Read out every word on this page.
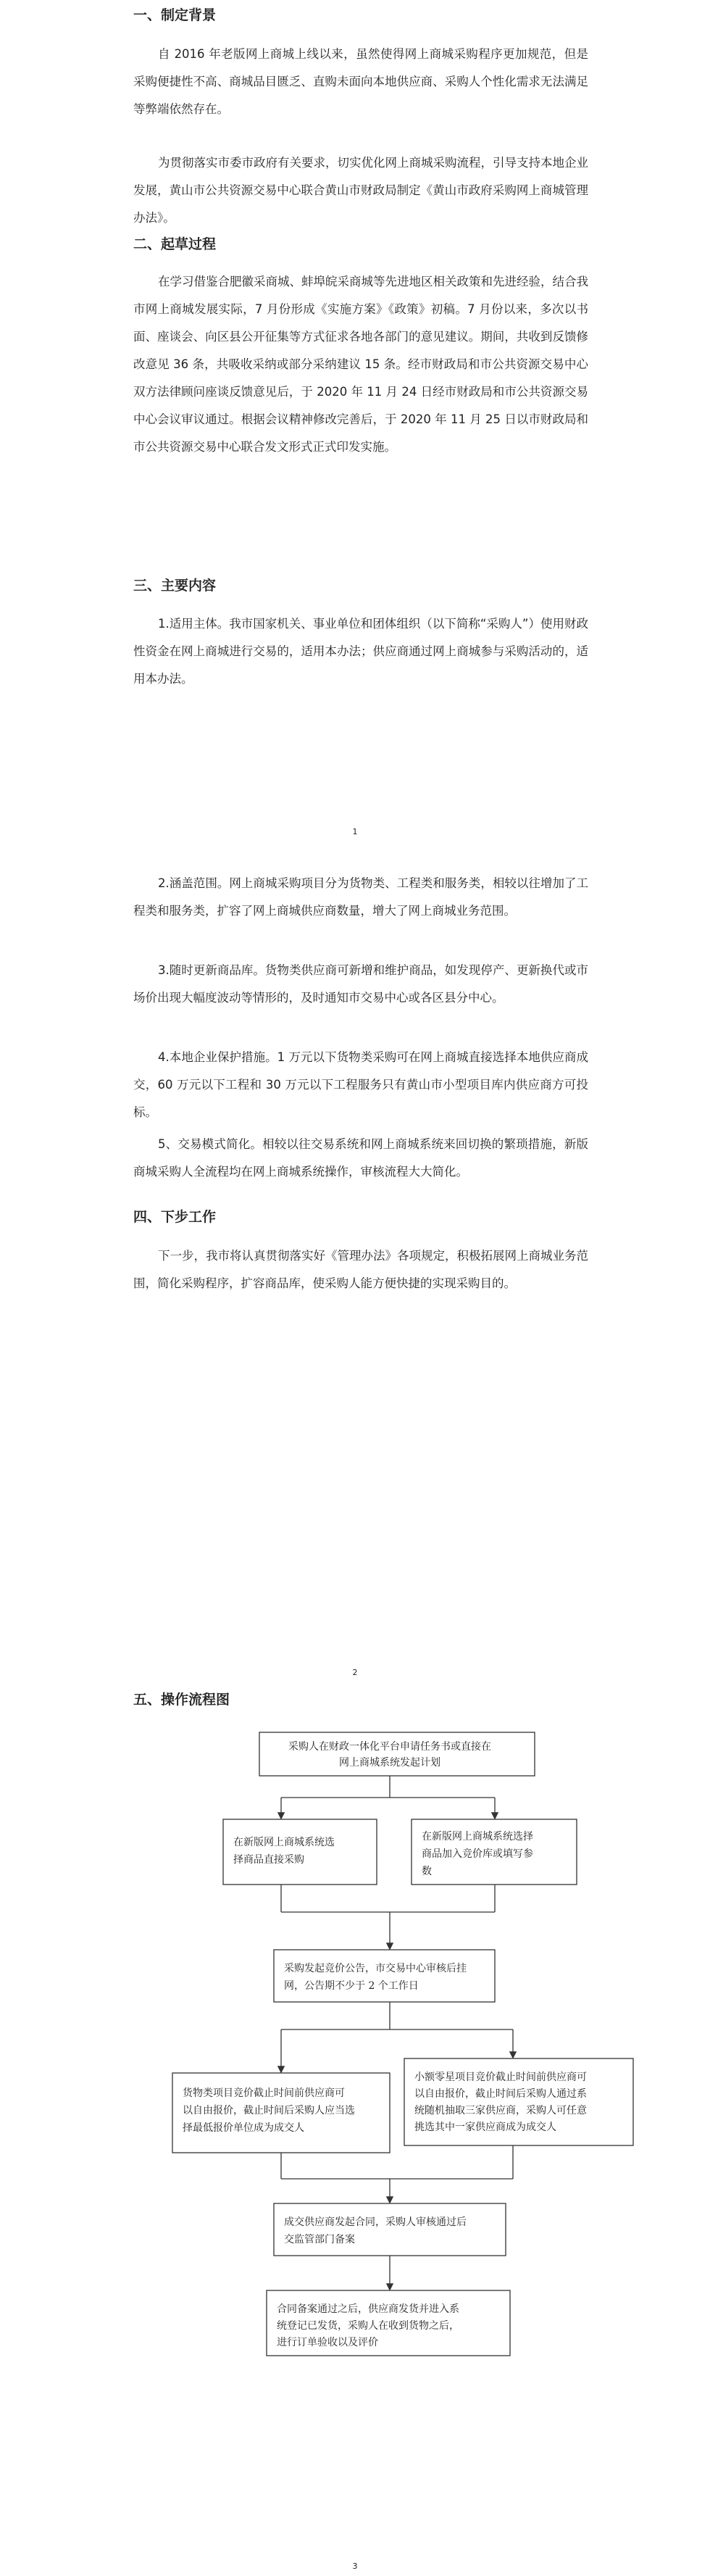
一、制定背景

自 2016 年老版网上商城上线以来，虽然使得网上商城采购程序更加规范，但是采购便捷性不高、商城品目匮乏、直购未面向本地供应商、采购人个性化需求无法满足等弊端依然存在。

为贯彻落实市委市政府有关要求，切实优化网上商城采购流程，引导支持本地企业发展，黄山市公共资源交易中心联合黄山市财政局制定《黄山市政府采购网上商城管理办法》。

二、起草过程

在学习借鉴合肥徽采商城、蚌埠皖采商城等先进地区相关政策和先进经验，结合我市网上商城发展实际，7 月份形成《实施方案》《政策》初稿。7 月份以来，多次以书面、座谈会、向区县公开征集等方式征求各地各部门的意见建议。期间，共收到反馈修改意见 36 条，共吸收采纳或部分采纳建议 15 条。经市财政局和市公共资源交易中心双方法律顾问座谈反馈意见后，于 2020 年 11 月 24 日经市财政局和市公共资源交易中心会议审议通过。根据会议精神修改完善后，于 2020 年 11 月 25 日以市财政局和市公共资源交易中心联合发文形式正式印发实施。

三、主要内容

1.适用主体。我市国家机关、事业单位和团体组织（以下简称“采购人”）使用财政性资金在网上商城进行交易的，适用本办法；供应商通过网上商城参与采购活动的，适用本办法。

1

2.涵盖范围。网上商城采购项目分为货物类、工程类和服务类，相较以往增加了工程类和服务类，扩容了网上商城供应商数量，增大了网上商城业务范围。

3.随时更新商品库。货物类供应商可新增和维护商品，如发现停产、更新换代或市场价出现大幅度波动等情形的，及时通知市交易中心或各区县分中心。

4.本地企业保护措施。1 万元以下货物类采购可在网上商城直接选择本地供应商成交，60 万元以下工程和 30 万元以下工程服务只有黄山市小型项目库内供应商方可投标。

5、交易模式简化。相较以往交易系统和网上商城系统来回切换的繁琐措施，新版商城采购人全流程均在网上商城系统操作，审核流程大大简化。

四、下步工作

下一步，我市将认真贯彻落实好《管理办法》各项规定，积极拓展网上商城业务范围，简化采购程序，扩容商品库，使采购人能方便快捷的实现采购目的。

2
五、操作流程图
采购人在财政一体化平台申请任务书或直接在
网上商城系统发起计划
在新版网上商城系统选
择商品直接采购
在新版网上商城系统选择
商品加入竞价库或填写参
数
采购发起竞价公告，市交易中心审核后挂
网，公告期不少于 2 个工作日
货物类项目竞价截止时间前供应商可
以自由报价，截止时间后采购人应当选
择最低报价单位成为成交人
小额零星项目竞价截止时间前供应商可
以自由报价，截止时间后采购人通过系
统随机抽取三家供应商，采购人可任意
挑选其中一家供应商成为成交人
成交供应商发起合同，采购人审核通过后
交监管部门备案
合同备案通过之后，供应商发货并进入系
统登记已发货，采购人在收到货物之后，
进行订单验收以及评价
3
